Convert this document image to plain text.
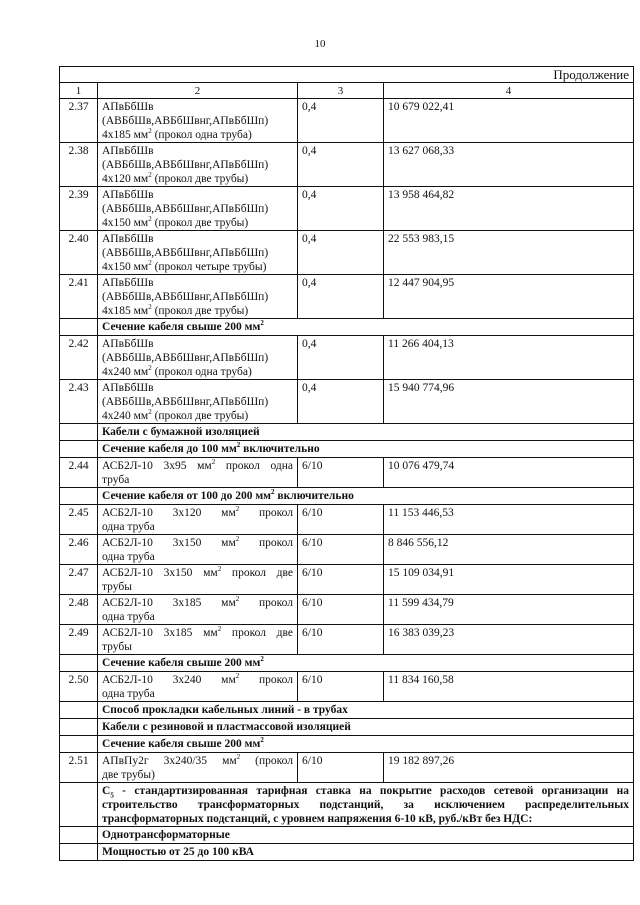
10
Продолжение			
1	2	3	4
2.37	АПвБбШв
(АВБбШв,АВБбШвнг,АПвБбШп)
4х185 $мм^2$ (прокол одна труба)	0,4	10 679 022,41
2.38	АПвБбШв
(АВБбШв,АВБбШвнг,АПвБбШп)
4х120 $мм^2$ (прокол две трубы)	0,4	13 627 068,33
2.39	АПвБбШв
(АВБбШв,АВБбШвнг,АПвБбШп)
4х150 $мм^2$ (прокол две трубы)	0,4	13 958 464,82
2.40	АПвБбШв
(АВБбШв,АВБбШвнг,АПвБбШп)
4х150 $мм^2$ (прокол четыре трубы)	0,4	22 553 983,15
2.41	АПвБбШв
(АВБбШв,АВБбШвнг,АПвБбШп)
4х185 $мм^2$ (прокол две трубы)	0,4	12 447 904,95
	Сечение кабеля свыше 200 $мм^2$
2.42	АПвБбШв
(АВБбШв,АВБбШвнг,АПвБбШп)
4х240 $мм^2$ (прокол одна труба)	0,4	11 266 404,13
2.43	АПвБбШв
(АВБбШв,АВБбШвнг,АПвБбШп)
4х240 $мм^2$ (прокол две трубы)	0,4	15 940 774,96
	Кабели с бумажной изоляцией		
	Сечение кабеля до 100 $мм^2$ включительно		
2.44	АСБ2Л-10 3х95 $мм^2$ прокол одна
труба	6/10	10 076 479,74
	Сечение кабеля от 100 до 200 $мм^2$ включительно		
2.45	АСБ2Л-10 3х120 $мм^2$ прокол
одна труба	6/10	11 153 446,53
2.46	АСБ2Л-10 3х150 $мм^2$ прокол
одна труба	6/10	8 846 556,12
2.47	АСБ2Л-10 3х150 $мм^2$ прокол две
трубы	6/10	15 109 034,91
2.48	АСБ2Л-10 3х185 $мм^2$ прокол
одна труба	6/10	11 599 434,79
2.49	АСБ2Л-10 3х185 $мм^2$ прокол две
трубы	6/10	16 383 039,23
	Сечение кабеля свыше 200 $мм^2$
2.50	АСБ2Л-10 3х240 $мм^2$ прокол
одна труба	6/10	11 834 160,58
	Способ прокладки кабельных линий - в трубах		
	Кабели с резиновой и пластмассовой изоляцией		
	Сечение кабеля свыше 200 $мм^2$
2.51	АПвПу2г 3х240/35 $мм^2$ (прокол
две трубы)	6/10	19 182 897,26
	$С_5$ - стандартизированная тарифная ставка на покрытие расходов сетевой организации на строительство трансформаторных подстанций, за исключением распределительных трансформаторных подстанций, с уровнем напряжения 6-10 кВ, руб./кВт без НДС:		
	Однотрансформаторные		
	Мощностью от 25 до 100 кВА		
